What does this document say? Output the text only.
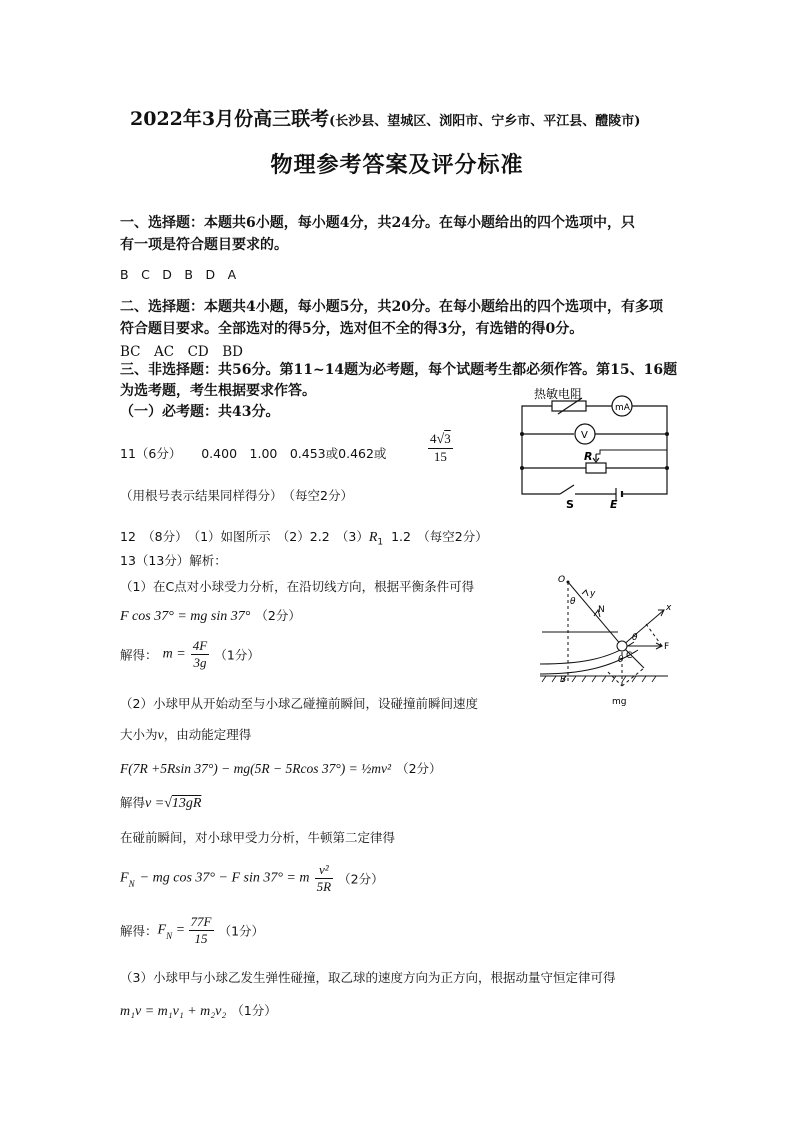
2022年3月份高三联考(长沙县、望城区、浏阳市、宁乡市、平江县、醴陵市)
物理参考答案及评分标准
一、选择题：本题共6小题，每小题4分，共24分。在每小题给出的四个选项中，只
有一项是符合题目要求的。
B　C　D　B　D　A
二、选择题：本题共4小题，每小题5分，共20分。在每小题给出的四个选项中，有多项
符合题目要求。全部选对的得5分，选对但不全的得3分，有选错的得0分。
BC　AC　CD　BD
三、非选择题：共56分。第11~14题为必考题，每个试题考生都必须作答。第15、16题
为选考题，考生根据要求作答。
（一）必考题：共43分。
11（6分） 0.400　1.00　0.453或0.462或	$\frac{4√3}{15}$
（用根号表示结果同样得分）　（每空2分）
热敏电阻
mA
V
R
S	E
12　（8分）　（1）如图所示　（2）2.2　$(3)R_1$ 1.2　（每空2分）
13（13分）解析：
（1）在C点对小球受力分析，在沿切线方向，根据平衡条件可得
F cos 37° = mg sin 37° （2分）
解得： $m = \frac{4F}{3g} (1$分）
O
y
θ
N	x
θ
F
C
θ
B
mg
（2）小球甲从开始动至与小球乙碰撞前瞬间，设碰撞前瞬间速度
大小为v，由动能定理得
F(7R +5Rsin 37°) − mg(5R − 5Rcos 37°) = ½mv² （2分）
解得v =√13gR
在碰前瞬间，对小球甲受力分析，牛顿第二定律得
$F_N$ − mg cos 37° − F sin 37° = m $\frac{\text{v²}}{5R} (2$分）
解得：$F_N = \frac{77F}{15} (1$分）
（3）小球甲与小球乙发生弹性碰撞，取乙球的速度方向为正方向，根据动量守恒定律可得
m₁v = m₁v₁ + m₂v₂ （1分）
